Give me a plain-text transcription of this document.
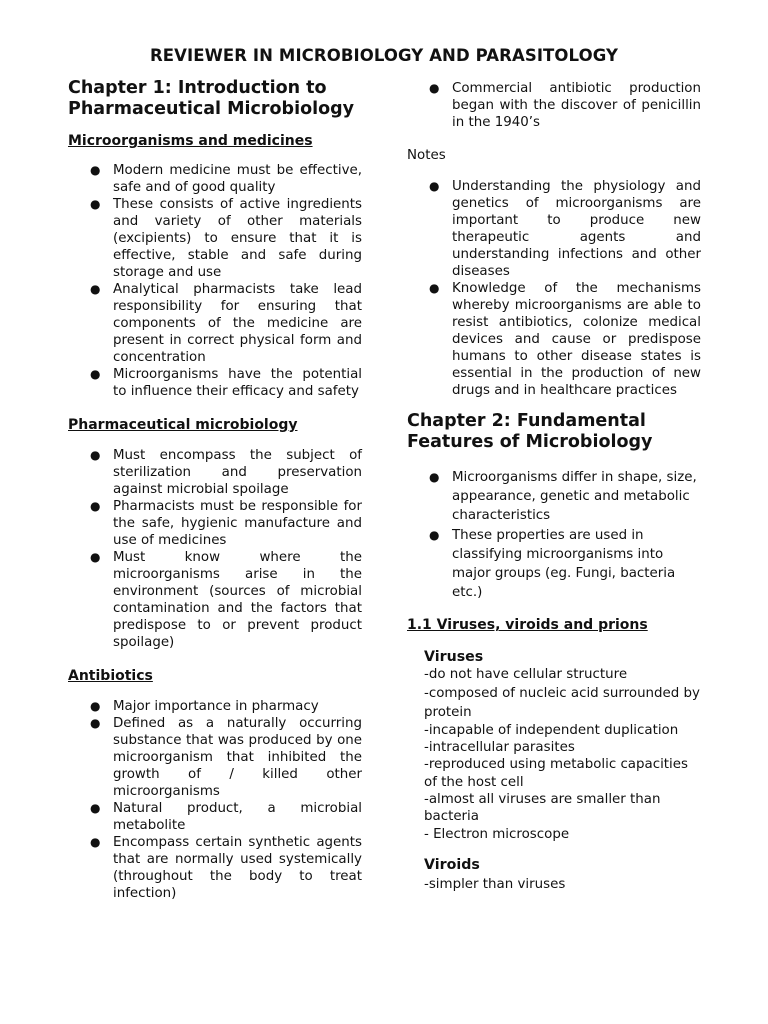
REVIEWER IN MICROBIOLOGY AND PARASITOLOGY
Chapter 1: Introduction to Pharmaceutical Microbiology

Microorganisms and medicines

● Modern medicine must be effective, safe and of good quality
● These consists of active ingredients and variety of other materials (excipients) to ensure that it is effective, stable and safe during storage and use
● Analytical pharmacists take lead responsibility for ensuring that components of the medicine are present in correct physical form and concentration
● Microorganisms have the potential to influence their efficacy and safety

Pharmaceutical microbiology

● Must encompass the subject of sterilization and preservation against microbial spoilage
● Pharmacists must be responsible for the safe, hygienic manufacture and use of medicines
● Must know where the microorganisms arise in the environment (sources of microbial contamination and the factors that predispose to or prevent product spoilage)

Antibiotics

● Major importance in pharmacy
● Defined as a naturally occurring substance that was produced by one microorganism that inhibited the growth of / killed other microorganisms
● Natural product, a microbial metabolite
● Encompass certain synthetic agents that are normally used systemically (throughout the body to treat infection)
● Commercial antibiotic production began with the discover of penicillin in the 1940’s

Notes

● Understanding the physiology and genetics of microorganisms are important to produce new therapeutic agents and understanding infections and other diseases
● Knowledge of the mechanisms whereby microorganisms are able to resist antibiotics, colonize medical devices and cause or predispose humans to other disease states is essential in the production of new drugs and in healthcare practices
Chapter 2: Fundamental Features of Microbiology
● Microorganisms differ in shape, size, appearance, genetic and metabolic characteristics
● These properties are used in classifying microorganisms into major groups (eg. Fungi, bacteria etc.)

1.1 Viruses, viroids and prions

Viruses

-do not have cellular structure

-composed of nucleic acid surrounded by protein

-incapable of independent duplication

-intracellular parasites

-reproduced using metabolic capacities of the host cell

-almost all viruses are smaller than bacteria

- Electron microscope

Viroids

-simpler than viruses
